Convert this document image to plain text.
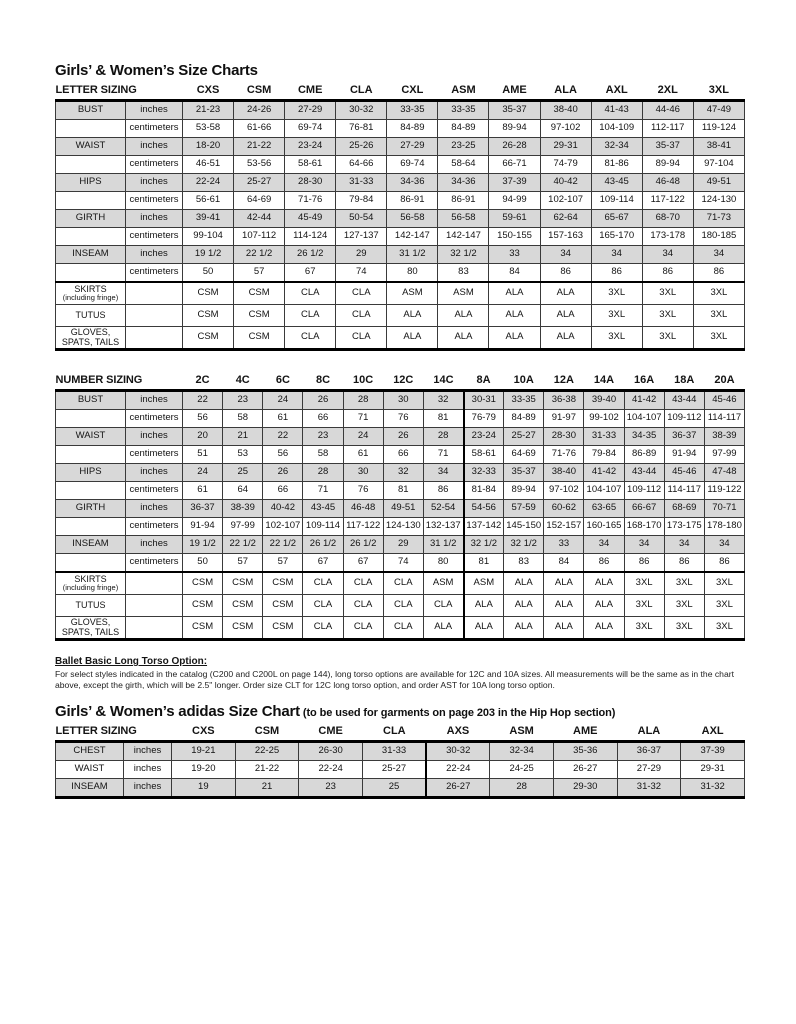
Girls’ & Women’s Size Charts
LETTER SIZING		CXS	CSM	CME	CLA	CXL	ASM	AME	ALA	AXL	2XL	3XL
BUST	inches	21-23	24-26	27-29	30-32	33-35	33-35	35-37	38-40	41-43	44-46	47-49
	centimeters	53-58	61-66	69-74	76-81	84-89	84-89	89-94	97-102	104-109	112-117	119-124
WAIST	inches	18-20	21-22	23-24	25-26	27-29	23-25	26-28	29-31	32-34	35-37	38-41
	centimeters	46-51	53-56	58-61	64-66	69-74	58-64	66-71	74-79	81-86	89-94	97-104
HIPS	inches	22-24	25-27	28-30	31-33	34-36	34-36	37-39	40-42	43-45	46-48	49-51
	centimeters	56-61	64-69	71-76	79-84	86-91	86-91	94-99	102-107	109-114	117-122	124-130
GIRTH	inches	39-41	42-44	45-49	50-54	56-58	56-58	59-61	62-64	65-67	68-70	71-73
	centimeters	99-104	107-112	114-124	127-137	142-147	142-147	150-155	157-163	165-170	173-178	180-185
INSEAM	inches	19 1/2	22 1/2	26 1/2	29	31 1/2	32 1/2	33	34	34	34	34
	centimeters	50	57	67	74	80	83	84	86	86	86	86

SKIRTS
(including fringe)		CSM	CSM	CLA	CLA	ASM	ASM	ALA	ALA	3XL	3XL	3XL

TUTUS		CSM	CSM	CLA	CLA	ALA	ALA	ALA	ALA	3XL	3XL	3XL

GLOVES, SPATS, TAILS		CSM	CSM	CLA	CLA	ALA	ALA	ALA	ALA	3XL	3XL	3XL
NUMBER SIZING		2C	4C	6C	8C	10C	12C	14C	8A	10A	12A	14A	16A	18A	20A
BUST	inches	22	23	24	26	28	30	32	30-31	33-35	36-38	39-40	41-42	43-44	45-46
	centimeters	56	58	61	66	71	76	81	76-79	84-89	91-97	99-102	104-107	109-112	114-117
WAIST	inches	20	21	22	23	24	26	28	23-24	25-27	28-30	31-33	34-35	36-37	38-39
	centimeters	51	53	56	58	61	66	71	58-61	64-69	71-76	79-84	86-89	91-94	97-99
HIPS	inches	24	25	26	28	30	32	34	32-33	35-37	38-40	41-42	43-44	45-46	47-48
	centimeters	61	64	66	71	76	81	86	81-84	89-94	97-102	104-107	109-112	114-117	119-122
GIRTH	inches	36-37	38-39	40-42	43-45	46-48	49-51	52-54	54-56	57-59	60-62	63-65	66-67	68-69	70-71
	centimeters	91-94	97-99	102-107	109-114	117-122	124-130	132-137	137-142	145-150	152-157	160-165	168-170	173-175	178-180
INSEAM	inches	19 1/2	22 1/2	22 1/2	26 1/2	26 1/2	29	31 1/2	32 1/2	32 1/2	33	34	34	34	34
	centimeters	50	57	57	67	67	74	80	81	83	84	86	86	86	86

SKIRTS
(including fringe)		CSM	CSM	CSM	CLA	CLA	CLA	ASM	ASM	ALA	ALA	ALA	3XL	3XL	3XL

TUTUS		CSM	CSM	CSM	CLA	CLA	CLA	CLA	ALA	ALA	ALA	ALA	3XL	3XL	3XL

GLOVES, SPATS, TAILS		CSM	CSM	CSM	CLA	CLA	CLA	ALA	ALA	ALA	ALA	ALA	3XL	3XL	3XL

Ballet Basic Long Torso Option:

For select styles indicated in the catalog (C200 and C200L on page 144), long torso options are available for 12C and 10A sizes. All measurements will be the same as in the chart above, except the girth, which will be 2.5" longer. Order size CLT for 12C long torso option, and order AST for 10A long torso option.

Girls’ & Women’s adidas Size Chart (to be used for garments on page 203 in the Hip Hop section)
LETTER SIZING		CXS	CSM	CME	CLA	AXS	ASM	AME	ALA	AXL
CHEST	inches	19-21	22-25	26-30	31-33	30-32	32-34	35-36	36-37	37-39
WAIST	inches	19-20	21-22	22-24	25-27	22-24	24-25	26-27	27-29	29-31
INSEAM	inches	19	21	23	25	26-27	28	29-30	31-32	31-32
